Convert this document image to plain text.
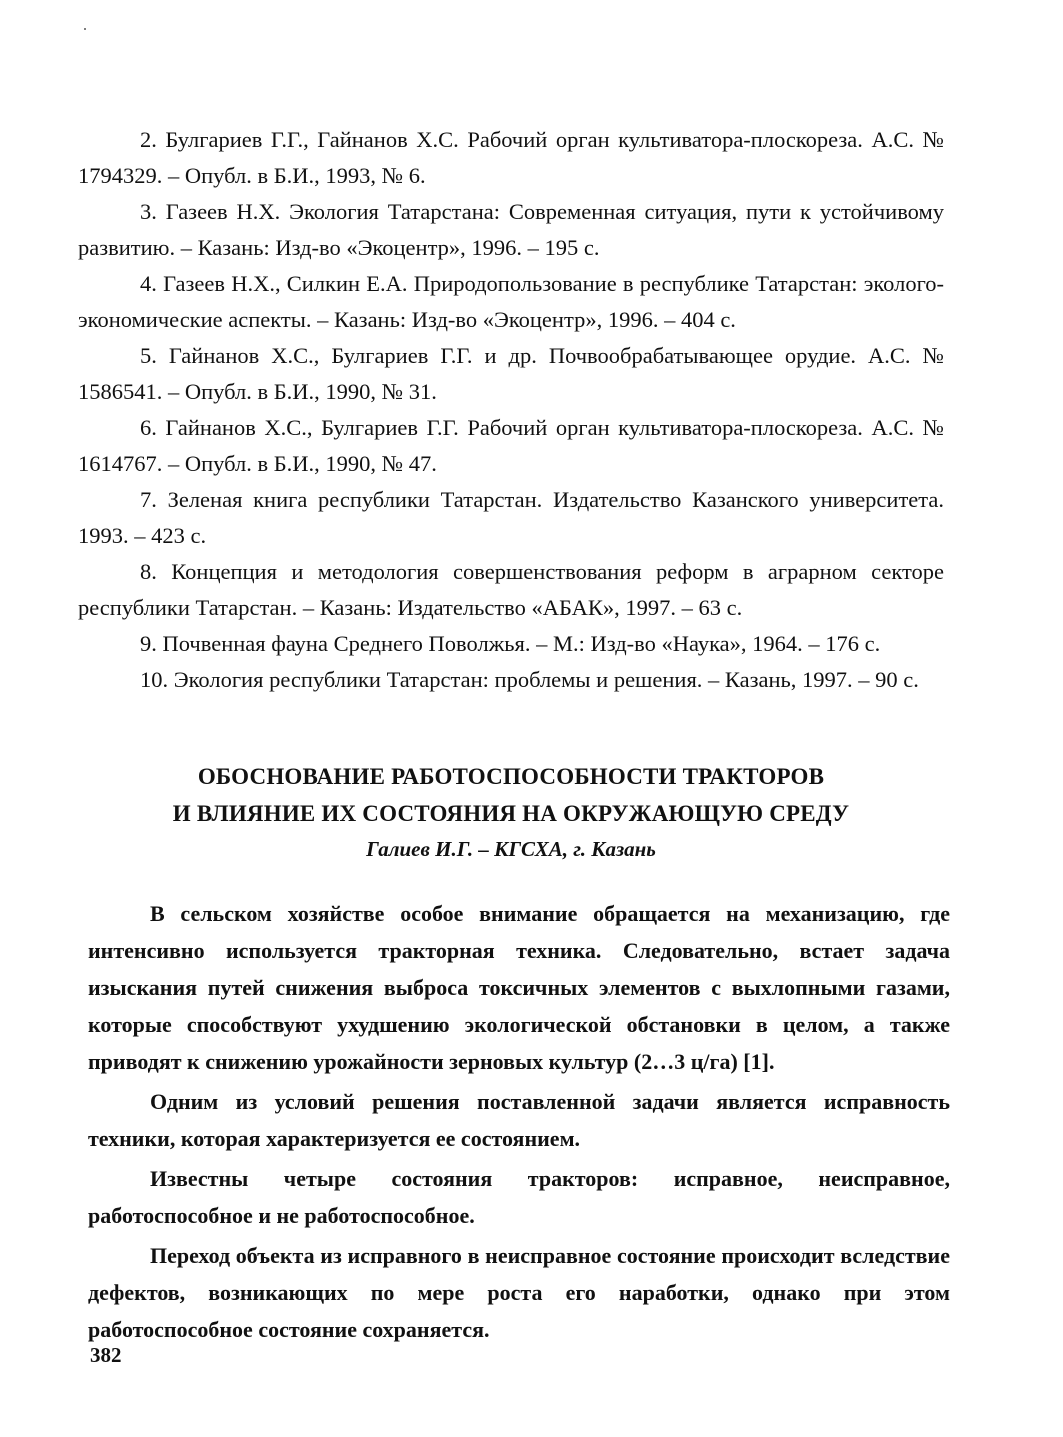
2. Булгариев Г.Г., Гайнанов Х.С. Рабочий орган культиватора-плоскореза. А.С. № 1794329. – Опубл. в Б.И., 1993, № 6.

3. Газеев Н.Х. Экология Татарстана: Современная ситуация, пути к устойчивому развитию. – Казань: Изд-во «Экоцентр», 1996. – 195 с.

4. Газеев Н.Х., Силкин Е.А. Природопользование в республике Татарстан: эколого-экономические аспекты. – Казань: Изд-во «Экоцентр», 1996. – 404 с.

5. Гайнанов Х.С., Булгариев Г.Г. и др. Почвообрабатывающее орудие. А.С. № 1586541. – Опубл. в Б.И., 1990, № 31.

6. Гайнанов Х.С., Булгариев Г.Г. Рабочий орган культиватора-плоскореза. А.С. № 1614767. – Опубл. в Б.И., 1990, № 47.

7. Зеленая книга республики Татарстан. Издательство Казанского университета. 1993. – 423 с.

8. Концепция и методология совершенствования реформ в аграрном секторе республики Татарстан. – Казань: Издательство «АБАК», 1997. – 63 с.

9. Почвенная фауна Среднего Поволжья. – М.: Изд-во «Наука», 1964. – 176 с.

10. Экология республики Татарстан: проблемы и решения. – Казань, 1997. – 90 с.

ОБОСНОВАНИЕ РАБОТОСПОСОБНОСТИ ТРАКТОРОВ

И ВЛИЯНИЕ ИХ СОСТОЯНИЯ НА ОКРУЖАЮЩУЮ СРЕДУ

Галиев И.Г. – КГСХА, г. Казань

В сельском хозяйстве особое внимание обращается на механизацию, где интенсивно используется тракторная техника. Следовательно, встает задача изыскания путей снижения выброса токсичных элементов с выхлопными газами, которые способствуют ухудшению экологической обстановки в целом, а также приводят к снижению урожайности зерновых культур (2…3 ц/га) [1].

Одним из условий решения поставленной задачи является исправность техники, которая характеризуется ее состоянием.

Известны четыре состояния тракторов: исправное, неисправное, работоспособное и не работоспособное.

Переход объекта из исправного в неисправное состояние происходит вследствие дефектов, возникающих по мере роста его наработки, однако при этом работоспособное состояние сохраняется.

382
